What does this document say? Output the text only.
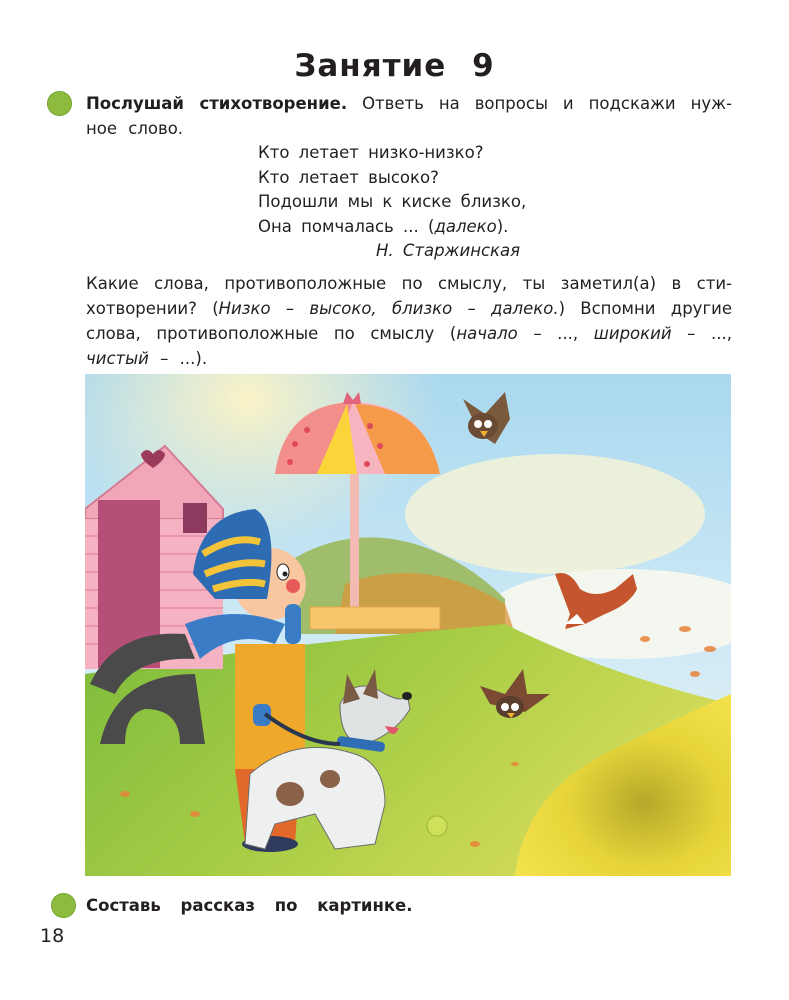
Занятие 9
Послушай стихотворение. Ответь на вопросы и подскажи нуж-
ное слово.
Кто летает низко-низко?
Кто летает высоко?
Подошли мы к киске близко,
Она помчалась ... (далеко).
Н. Старжинская
Какие слова, противоположные по смыслу, ты заметил(а) в сти-
хотворении? (Низко – высоко, близко – далеко.) Вспомни другие
слова, противоположные по смыслу (начало – ..., широкий – ...,
чистый – ...).
Составь рассказ по картинке.
18
